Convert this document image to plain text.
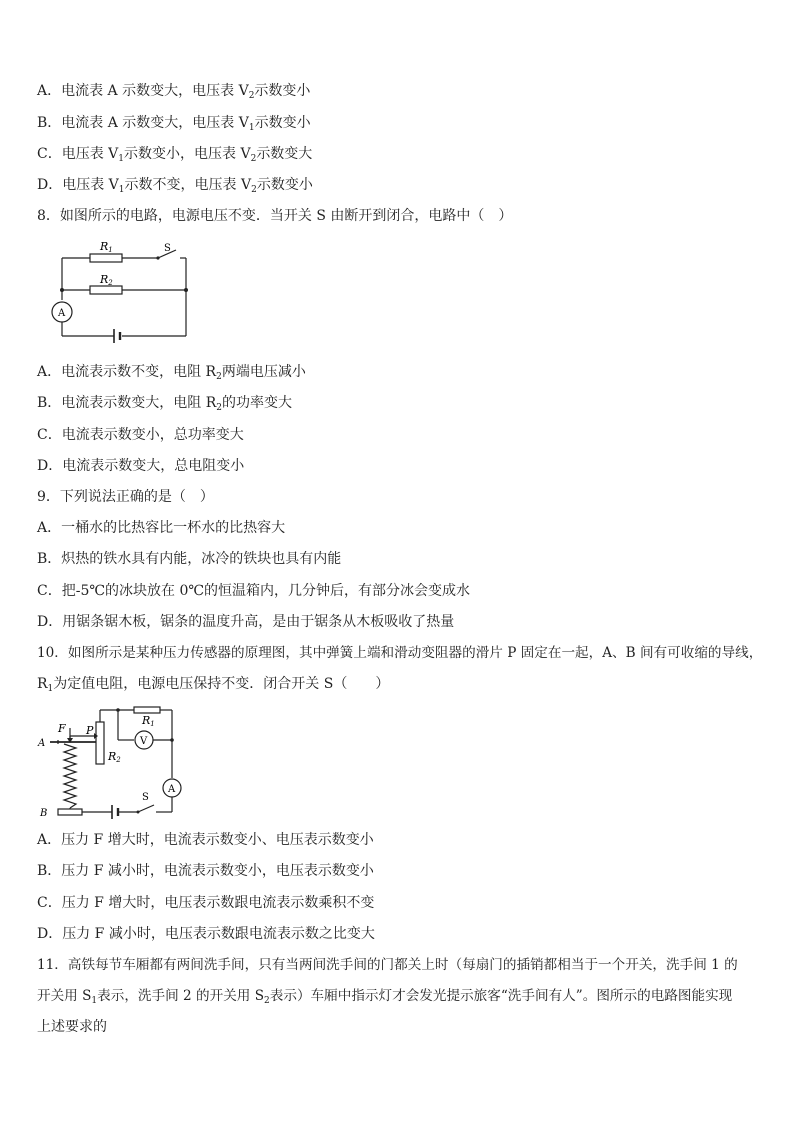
A．电流表 A 示数变大，电压表 $V_2$示数变小
B．电流表 A 示数变大，电压表 $V_1$示数变小
C．电压表 $V_1$示数变小，电压表 $V_2$示数变大
D．电压表 $V_1$示数不变，电压表 $V_2$示数变小
8．如图所示的电路，电源电压不变．当开关 S 由断开到闭合，电路中（　）
R1
R2
S
A
A．电流表示数不变，电阻 $R_2$两端电压减小
B．电流表示数变大，电阻 $R_2$的功率变大
C．电流表示数变小，总功率变大
D．电流表示数变大，总电阻变小
9．下列说法正确的是（　）
A．一桶水的比热容比一杯水的比热容大
B．炽热的铁水具有内能，冰冷的铁块也具有内能
C．把-5℃的冰块放在 0℃的恒温箱内，几分钟后，有部分冰会变成水
D．用锯条锯木板，锯条的温度升高，是由于锯条从木板吸收了热量
10．如图所示是某种压力传感器的原理图，其中弹簧上端和滑动变阻器的滑片 P 固定在一起，A、B 间有可收缩的导线，
$R_1$为定值电阻，电源电压保持不变．闭合开关 S（　　）
F P
A
B
R1
R2
V
A
S
A．压力 F 增大时，电流表示数变小、电压表示数变小
B．压力 F 减小时，电流表示数变小，电压表示数变小
C．压力 F 增大时，电压表示数跟电流表示数乘积不变
D．压力 F 减小时，电压表示数跟电流表示数之比变大
11．高铁每节车厢都有两间洗手间，只有当两间洗手间的门都关上时（每扇门的插销都相当于一个开关，洗手间 1 的
开关用 $S_1$表示，洗手间 2 的开关用 $S_2$表示）车厢中指示灯才会发光提示旅客“洗手间有人”。图所示的电路图能实现
上述要求的
